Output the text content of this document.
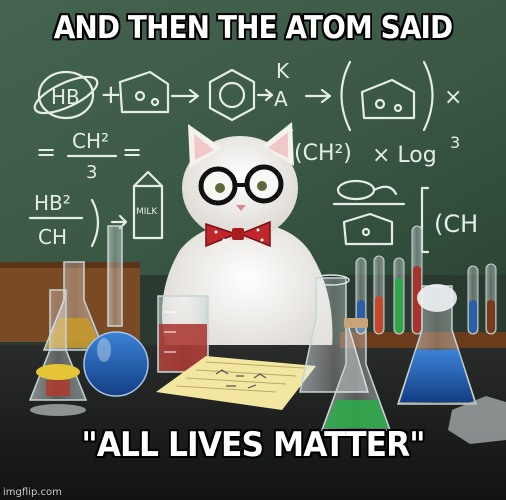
HB +
K
A	×
= CH²
3
=	(CH²) × Log
3
HB²
CH
MILK	(CH
AND THEN THE ATOM SAID
"ALL LIVES MATTER"
imgflip.com
